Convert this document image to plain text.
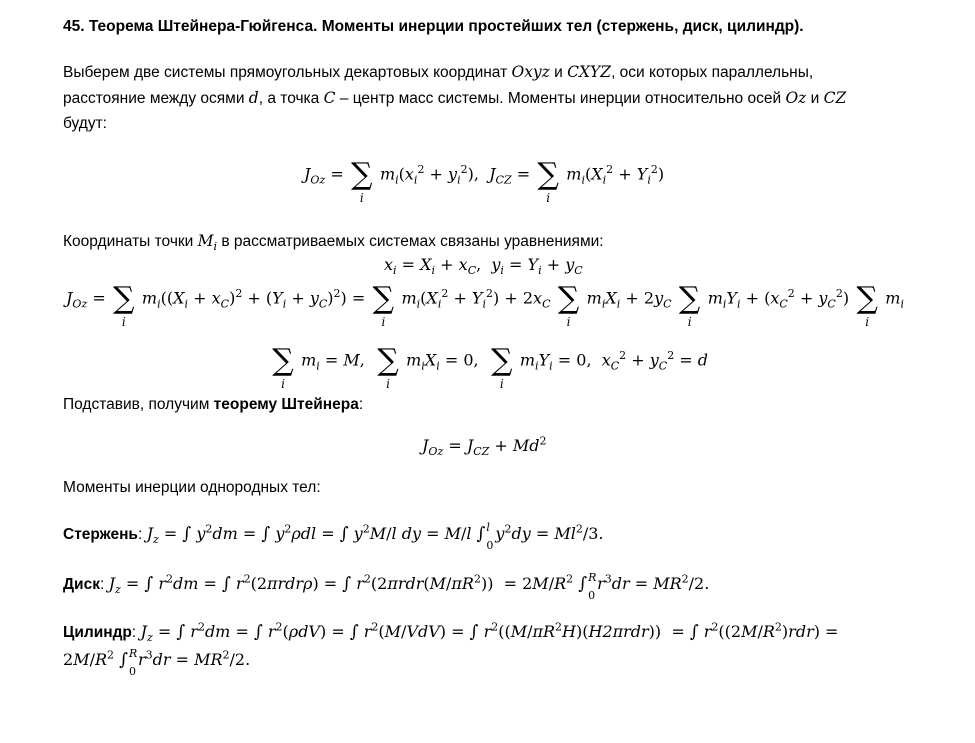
45. Теорема Штейнера-Гюйгенса. Моменты инерции простейших тел (стержень, диск, цилиндр).
Выберем две системы прямоугольных декартовых координат Oxyz и CXYZ, оси которых параллельны,
расстояние между осями d, а точка C – центр масс системы. Моменты инерции относительно осей Oz и CZ
будут:
$J_{Oz}$ = ∑
i
$m_i(x_i^2 + y_i^2)$, $J_{CZ}$ = ∑
i
$m_i(X_i^2 + Y_i^2)$
Координаты точки $M_i$ в рассматриваемых системах связаны уравнениями:
$x_i = X_i + x_C$,  $y_i = Y_i + y_C$
$J_{Oz}$ = ∑
i
$m_i((X_i + x_C)^2 + (Y_i + y_C)^2)$ = ∑
i
$m_i(X_i^2 + Y_i^2) + 2x_C$ ∑
i
$m_iX_i + 2y_C$ ∑
i
$m_iY_i + (x_C^2 + y_C^2)$ ∑
i
$m_i$
∑
i
$m_i = M$, ∑
i
$m_iX_i = 0$, ∑
i
$m_iY_i = 0$,  $x_C^2 + y_C^2 = d$
Подставив, получим теорему Штейнера:
$J_{Oz} = J_{CZ} + Md^2$
Моменты инерции однородных тел:
Стержень: $J_z$ = ∫ $y^2dm$ = ∫ $y^2\rho dl$ = ∫ $y^2M/l$ dy = M/l ∫ l
0
$y^2dy = Ml^2/3$.
Диск: $J_z$ = ∫ $r^2dm$ = ∫ $r^2(2\pi rdr\rho)$ = ∫ $r^2(2\pi rdr(M/\pi R^2)) = 2M/R^2$ ∫ R
0
$r^3dr = MR^2/2$.
Цилиндр: $J_z$ = ∫ $r^2dm$ = ∫ $r^2(\rho dV)$ = ∫ $r^2(M/VdV)$ = ∫ $r^2((M/\pi R^2H)(H2\pi rdr))$  = ∫ $r^2((2M/R^2)rdr)$ =
$2M/R^2$ ∫ R
0
$r^3dr = MR^2/2$.
